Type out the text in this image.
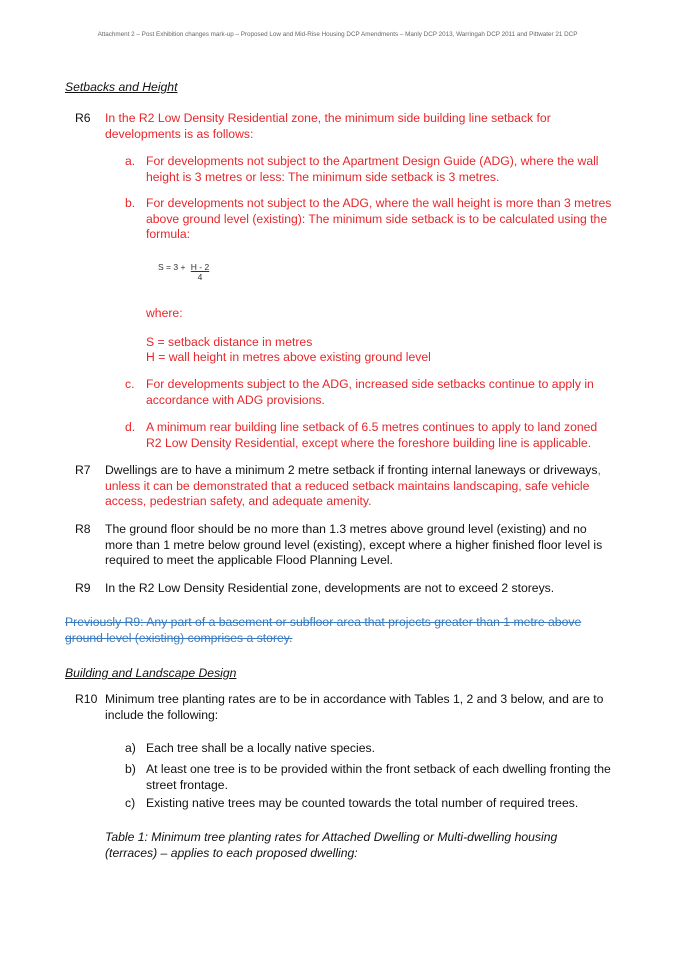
Attachment 2 – Post Exhibition changes mark-up – Proposed Low and Mid-Rise Housing DCP Amendments – Manly DCP 2013, Warringah DCP 2011 and Pittwater 21 DCP
Setbacks and Height
R6	In the R2 Low Density Residential zone, the minimum side building line setback for developments is as follows:
a. For developments not subject to the Apartment Design Guide (ADG), where the wall height is 3 metres or less: The minimum side setback is 3 metres.
b. For developments not subject to the ADG, where the wall height is more than 3 metres above ground level (existing): The minimum side setback is to be calculated using the formula:
$S = 3 + \frac{H - 2}{4}$
where:
S = setback distance in metres
H = wall height in metres above existing ground level
c. For developments subject to the ADG, increased side setbacks continue to apply in accordance with ADG provisions.
d. A minimum rear building line setback of 6.5 metres continues to apply to land zoned R2 Low Density Residential, except where the foreshore building line is applicable.
R7	Dwellings are to have a minimum 2 metre setback if fronting internal laneways or driveways, unless it can be demonstrated that a reduced setback maintains landscaping, safe vehicle access, pedestrian safety, and adequate amenity.
R8	The ground floor should be no more than 1.3 metres above ground level (existing) and no more than 1 metre below ground level (existing), except where a higher finished floor level is required to meet the applicable Flood Planning Level.
R9	In the R2 Low Density Residential zone, developments are not to exceed 2 storeys.
Previously R9: Any part of a basement or subfloor area that projects greater than 1 metre above ground level (existing) comprises a storey.
Building and Landscape Design
R10 Minimum tree planting rates are to be in accordance with Tables 1, 2 and 3 below, and are to include the following:
a) Each tree shall be a locally native species.
b) At least one tree is to be provided within the front setback of each dwelling fronting the street frontage.
c) Existing native trees may be counted towards the total number of required trees.
Table 1: Minimum tree planting rates for Attached Dwelling or Multi-dwelling housing (terraces) – applies to each proposed dwelling:
